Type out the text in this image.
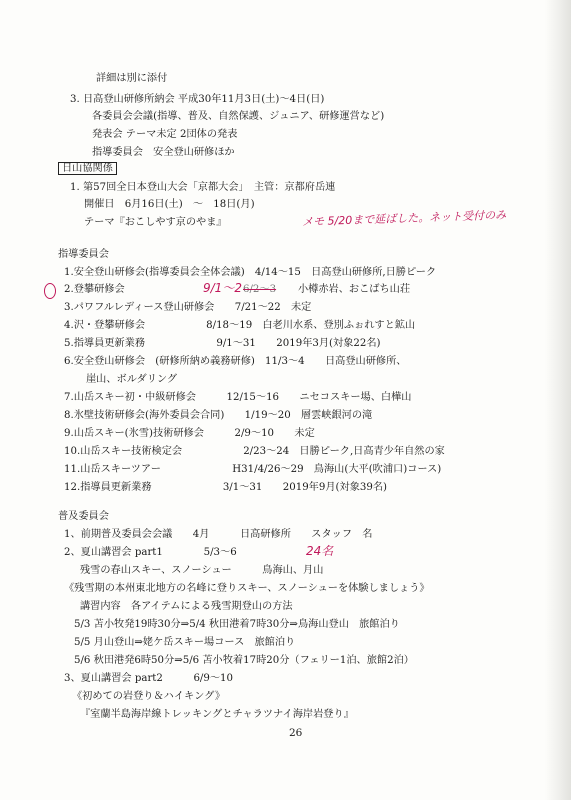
詳細は別に添付
3. 日高登山研修所納会 平成30年11月3日(土)〜4日(日)
各委員会会議(指導、普及、自然保護、ジュニア、研修運営など)
発表会 テーマ未定 2団体の発表
指導委員会　安全登山研修ほか
日山協関係
1. 第57回全日本登山大会「京都大会」　主管：京都府岳連
開催日　6月16日(土)　〜　18日(月)
テーマ『おこしやす京のやま』	メモ 5/20まで延ばした。ネット受付のみ
指導委員会
1.安全登山研修会(指導委員会全体会議)　4/14〜15　日高登山研修所,日勝ピーク
2.登攀研修会	9/1〜2 6/2〜3 小樽赤岩、おこばち山荘
3.パワフルレディース登山研修会　　7/21〜22　未定
4.沢・登攀研修会　　　　　　8/18〜19　白老川水系、登別ふぉれすと鉱山
5.指導員更新業務　　　　　　　9/1〜31　　2019年3月(対象22名)
6.安全登山研修会　(研修所納め義務研修)　11/3〜4　　日高登山研修所、
崖山、ボルダリング
7.山岳スキー初・中級研修会　　　12/15〜16　　ニセコスキー場、白樺山
8.氷壁技術研修会(海外委員会合同)　　1/19〜20　層雲峡銀河の滝
9.山岳スキー(氷雪)技術研修会　　　2/9〜10　　未定
10.山岳スキー技術検定会　　　　　　2/23〜24　日勝ピーク,日高青少年自然の家
11.山岳スキーツアー　　　　　　　H31/4/26〜29　鳥海山(大平(吹浦口)コース)
12.指導員更新業務　　　　　　　3/1〜31　　2019年9月(対象39名)
普及委員会
1、前期普及委員会会議　　4月　　　日高研修所　　スタッフ　名
2、夏山講習会 part1　　　　5/3〜6	24名
残雪の春山スキー、スノーシュー　　　鳥海山、月山
《残雪期の本州東北地方の名峰に登りスキー、スノーシューを体験しましょう》
講習内容　各アイテムによる残雪期登山の方法
5/3 苫小牧発19時30分⇒5/4 秋田港着7時30分⇒鳥海山登山　旅館泊り
5/5 月山登山⇒姥ケ岳スキー場コース　旅館泊り
5/6 秋田港発6時50分⇒5/6 苫小牧着17時20分（フェリー1泊、旅館2泊）
3、夏山講習会 part2　　　6/9〜10
《初めての岩登り＆ハイキング》
『室蘭半島海岸線トレッキングとチャラツナイ海岸岩登り』
26
